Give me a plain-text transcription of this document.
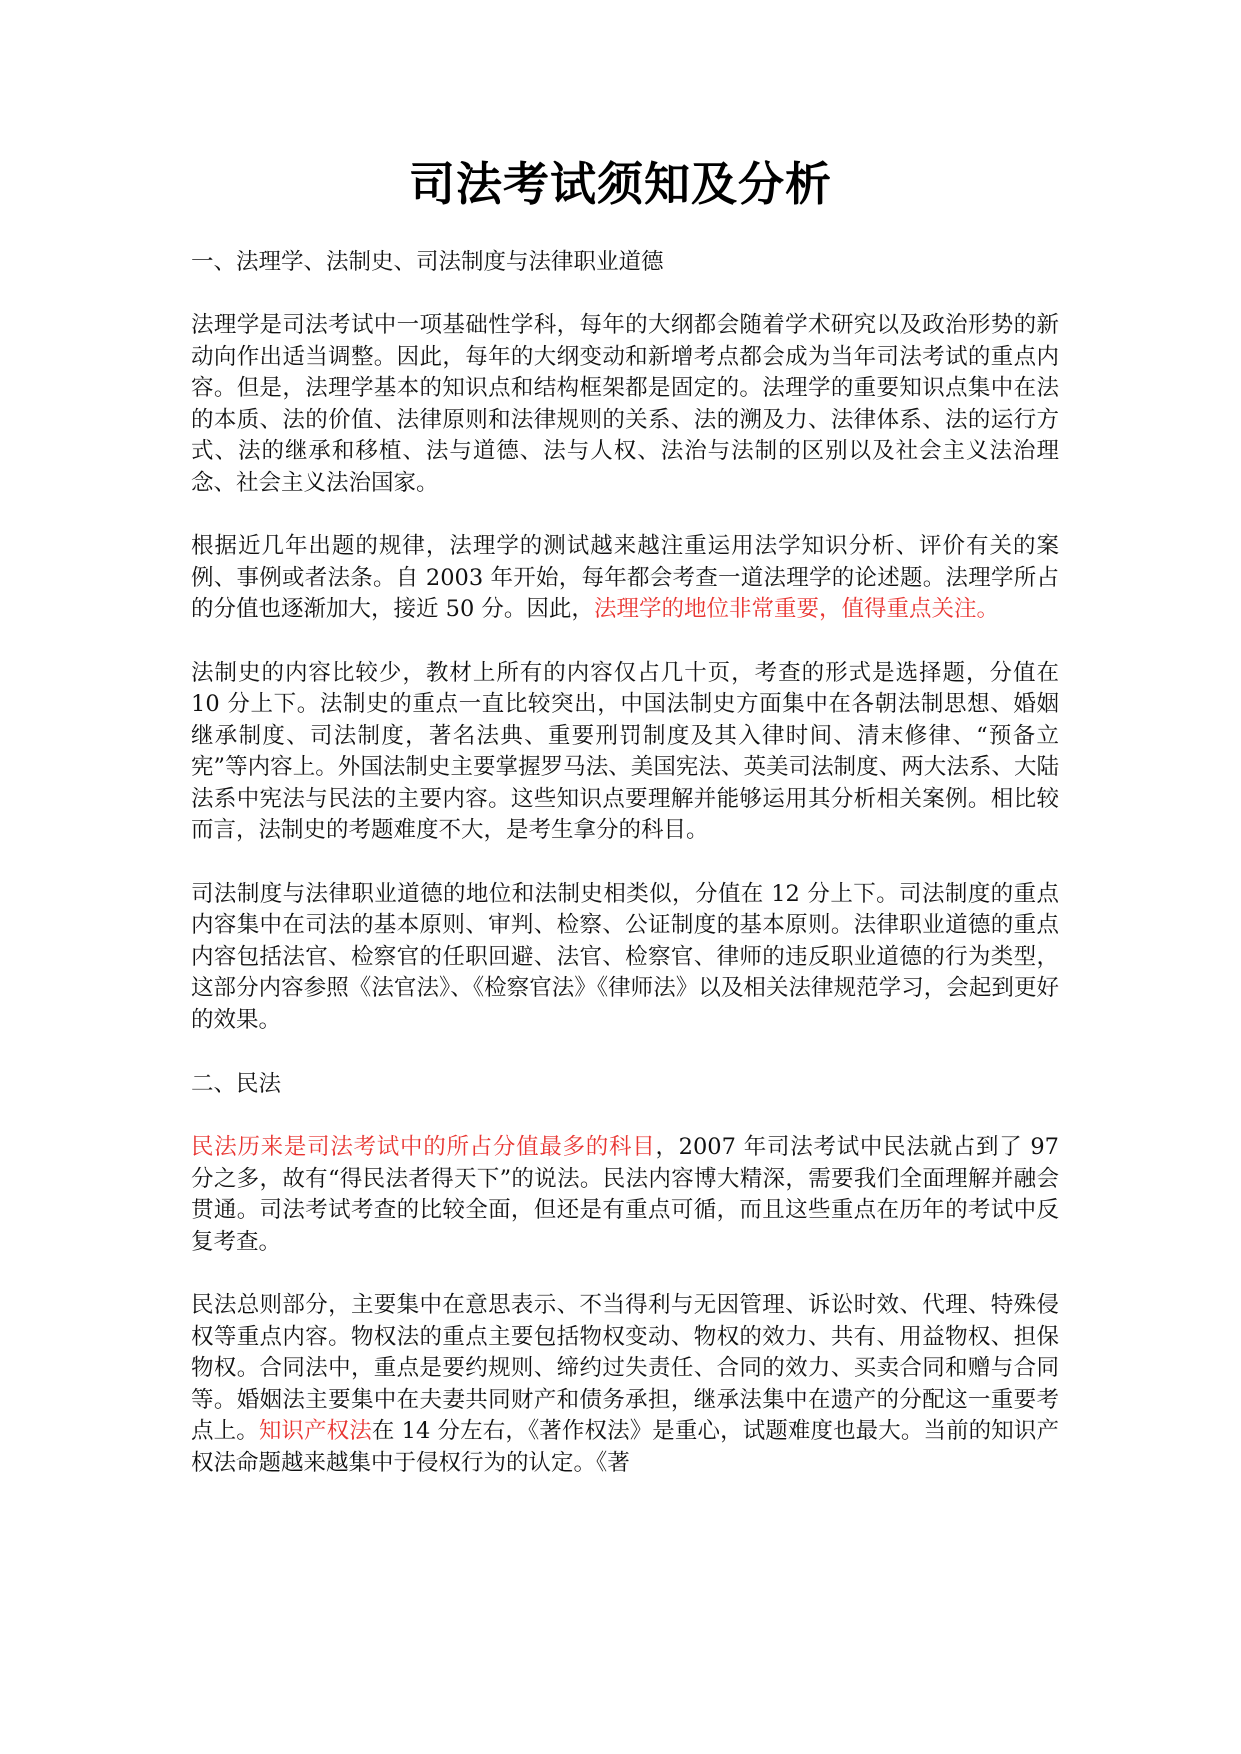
司法考试须知及分析
一、法理学、法制史、司法制度与法律职业道德

法理学是司法考试中一项基础性学科，每年的大纲都会随着学术研究以及政治形势的新动向作出适当调整。因此，每年的大纲变动和新增考点都会成为当年司法考试的重点内容。但是，法理学基本的知识点和结构框架都是固定的。法理学的重要知识点集中在法的本质、法的价值、法律原则和法律规则的关系、法的溯及力、法律体系、法的运行方式、法的继承和移植、法与道德、法与人权、法治与法制的区别以及社会主义法治理念、社会主义法治国家。

根据近几年出题的规律，法理学的测试越来越注重运用法学知识分析、评价有关的案例、事例或者法条。自 2003 年开始，每年都会考查一道法理学的论述题。法理学所占的分值也逐渐加大，接近 50 分。因此，法理学的地位非常重要，值得重点关注。

法制史的内容比较少，教材上所有的内容仅占几十页，考查的形式是选择题，分值在 10 分上下。法制史的重点一直比较突出，中国法制史方面集中在各朝法制思想、婚姻继承制度、司法制度，著名法典、重要刑罚制度及其入律时间、清末修律、“预备立宪”等内容上。外国法制史主要掌握罗马法、美国宪法、英美司法制度、两大法系、大陆法系中宪法与民法的主要内容。这些知识点要理解并能够运用其分析相关案例。相比较而言，法制史的考题难度不大，是考生拿分的科目。

司法制度与法律职业道德的地位和法制史相类似，分值在 12 分上下。司法制度的重点内容集中在司法的基本原则、审判、检察、公证制度的基本原则。法律职业道德的重点内容包括法官、检察官的任职回避、法官、检察官、律师的违反职业道德的行为类型，这部分内容参照《法官法》、《检察官法》《律师法》以及相关法律规范学习，会起到更好的效果。

二、民法

民法历来是司法考试中的所占分值最多的科目，2007 年司法考试中民法就占到了 97 分之多，故有“得民法者得天下”的说法。民法内容博大精深，需要我们全面理解并融会贯通。司法考试考查的比较全面，但还是有重点可循，而且这些重点在历年的考试中反复考查。

民法总则部分，主要集中在意思表示、不当得利与无因管理、诉讼时效、代理、特殊侵权等重点内容。物权法的重点主要包括物权变动、物权的效力、共有、用益物权、担保物权。合同法中，重点是要约规则、缔约过失责任、合同的效力、买卖合同和赠与合同等。婚姻法主要集中在夫妻共同财产和债务承担，继承法集中在遗产的分配这一重要考点上。知识产权法在 14 分左右，《著作权法》是重心，试题难度也最大。当前的知识产权法命题越来越集中于侵权行为的认定。《著
